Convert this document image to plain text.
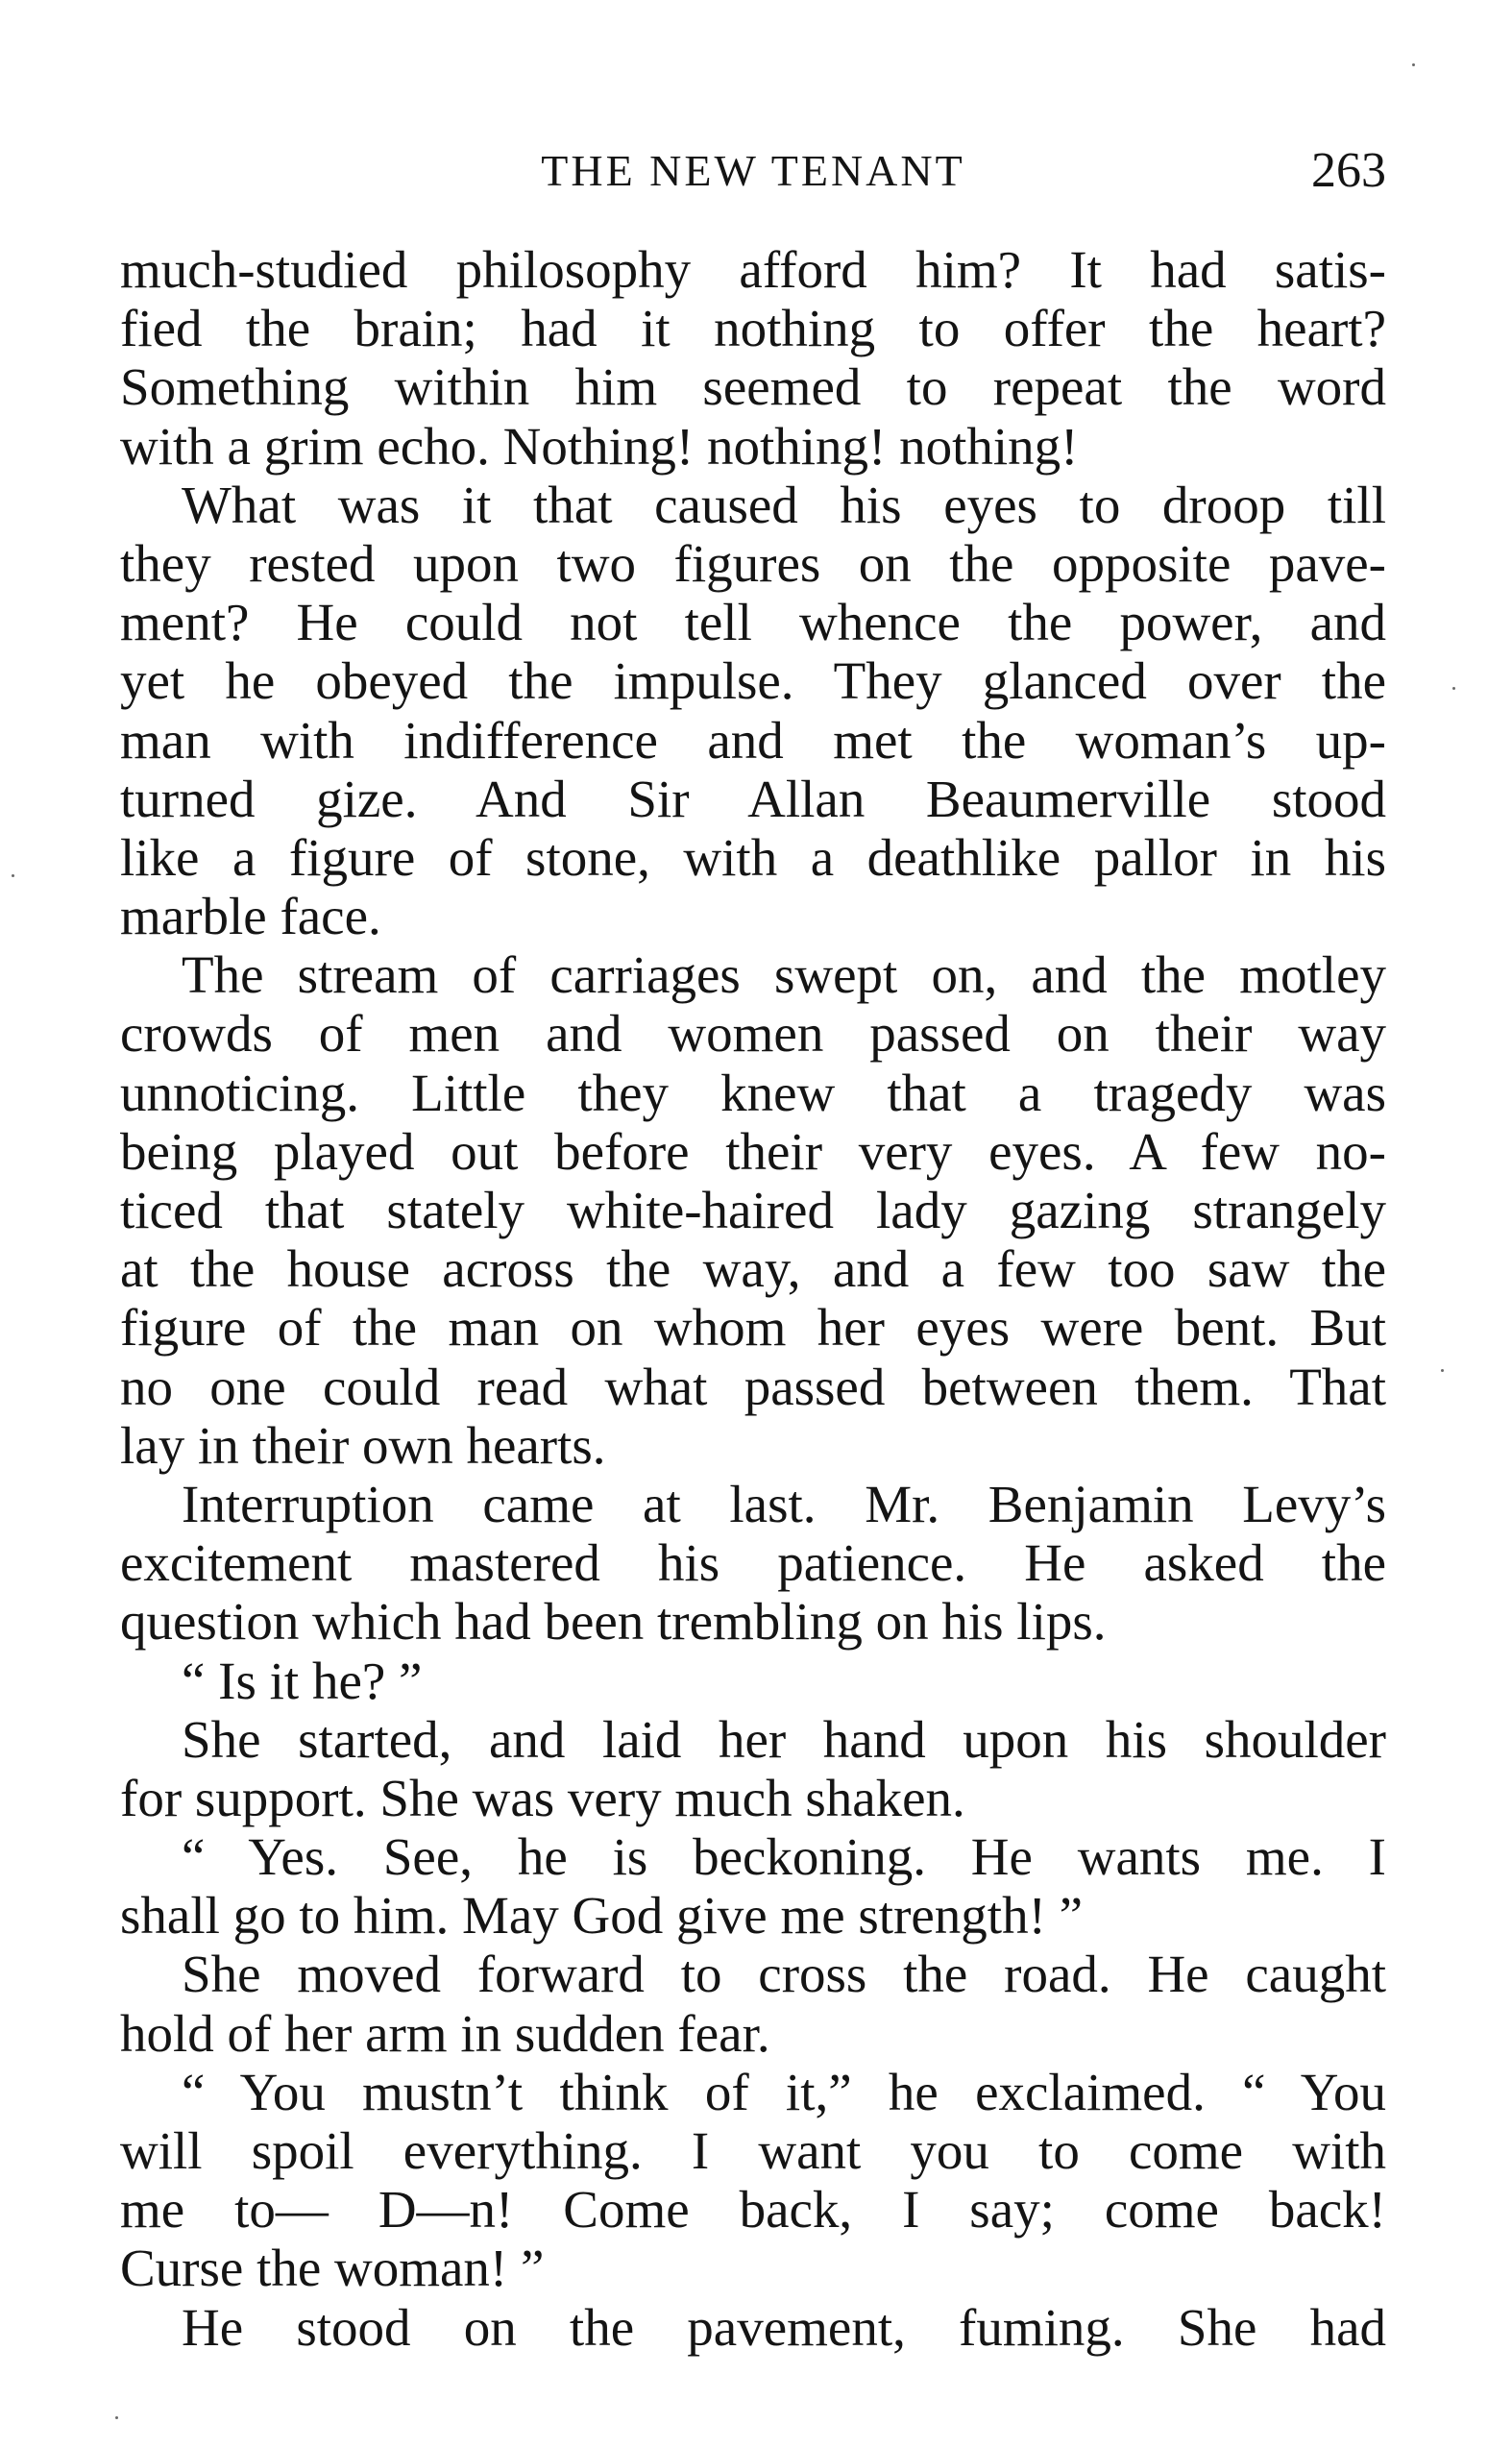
THE NEW TENANT	263
much-studied philosophy afford him? It had satis-
fied the brain; had it nothing to offer the heart?
Something within him seemed to repeat the word
with a grim echo. Nothing! nothing! nothing!
What was it that caused his eyes to droop till
they rested upon two figures on the opposite pave-
ment? He could not tell whence the power, and
yet he obeyed the impulse. They glanced over the
man with indifference and met the woman’s up-
turned gize. And Sir Allan Beaumerville stood
like a figure of stone, with a deathlike pallor in his
marble face.
The stream of carriages swept on, and the motley
crowds of men and women passed on their way
unnoticing. Little they knew that a tragedy was
being played out before their very eyes. A few no-
ticed that stately white-haired lady gazing strangely
at the house across the way, and a few too saw the
figure of the man on whom her eyes were bent. But
no one could read what passed between them. That
lay in their own hearts.
Interruption came at last. Mr. Benjamin Levy’s
excitement mastered his patience. He asked the
question which had been trembling on his lips.
“ Is it he? ”
She started, and laid her hand upon his shoulder
for support. She was very much shaken.
“ Yes. See, he is beckoning. He wants me. I
shall go to him. May God give me strength! ”
She moved forward to cross the road. He caught
hold of her arm in sudden fear.
“ You mustn’t think of it,” he exclaimed. “ You
will spoil everything. I want you to come with
me to— D—n! Come back, I say; come back!
Curse the woman! ”
He stood on the pavement, fuming. She had
